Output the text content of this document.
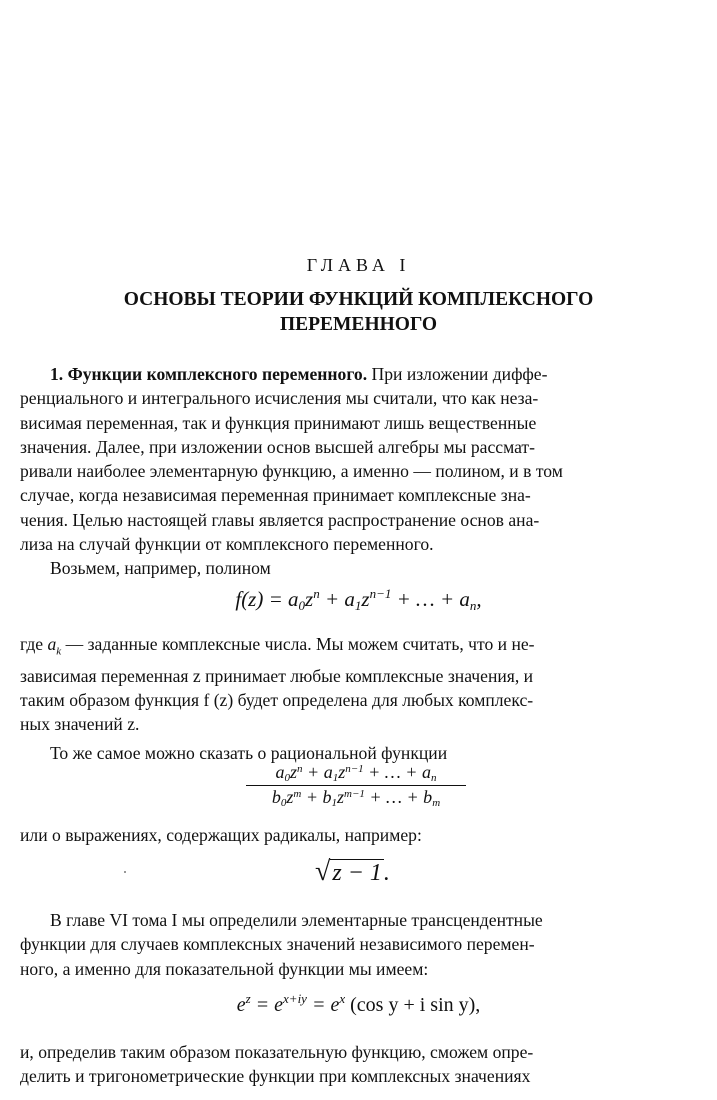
ГЛАВА I
ОСНОВЫ ТЕОРИИ ФУНКЦИЙ КОМПЛЕКСНОГО
ПЕРЕМЕННОГО
1. Функции комплексного переменного. При изложении диффе-
ренциального и интегрального исчисления мы считали, что как неза-
висимая переменная, так и функция принимают лишь вещественные
значения. Далее, при изложении основ высшей алгебры мы рассмат-
ривали наиболее элементарную функцию, а именно — полином, и в том
случае, когда независимая переменная принимает комплексные зна-
чения. Целью настоящей главы является распространение основ ана-
лиза на случай функции от комплексного переменного.
Возьмем, например, полином
$f(z) = a_0z^n + a_1z^{n-1}$ + … + $a_n$,
где $a_k$ — заданные комплексные числа. Мы можем считать, что и не-
зависимая переменная z принимает любые комплексные значения, и
таким образом функция f (z) будет определена для любых комплекс-
ных значений z.
То же самое можно сказать о рациональной функции
$\frac{a_0z^n + a_1z^{n-1} + \dots + a_n}{b_0z^m + b_1z^{m-1} + \dots + b_m}$
или о выражениях, содержащих радикалы, например:
√z − 1.
В главе VI тома I мы определили элементарные трансцендентные
функции для случаев комплексных значений независимого перемен-
ного, а именно для показательной функции мы имеем:
$e^z = e^{x+iy} = e^x$ (cos y + i sin y),
и, определив таким образом показательную функцию, сможем опре-
делить и тригонометрические функции при комплексных значениях
